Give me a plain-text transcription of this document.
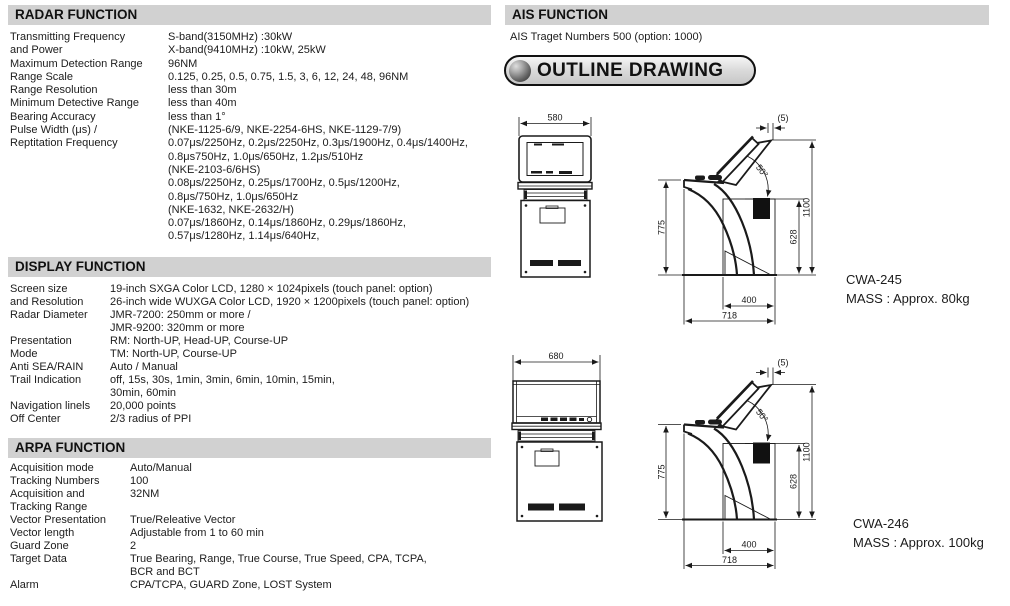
RADAR FUNCTION
Transmitting Frequency	S-band(3150MHz) :30kW
and Power	X-band(9410MHz) :10kW, 25kW
Maximum Detection Range	96NM
Range Scale	0.125, 0.25, 0.5, 0.75, 1.5, 3, 6, 12, 24, 48, 96NM
Range Resolution	less than 30m
Minimum Detective Range	less than 40m
Bearing Accuracy	less than 1°
Pulse Width (μs) /	(NKE-1125-6/9, NKE-2254-6HS, NKE-1129-7/9)
Reptitation Frequency	0.07μs/2250Hz, 0.2μs/2250Hz, 0.3μs/1900Hz, 0.4μs/1400Hz,
0.8μs750Hz, 1.0μs/650Hz, 1.2μs/510Hz
(NKE-2103-6/6HS)
0.08μs/2250Hz, 0.25μs/1700Hz, 0.5μs/1200Hz,
0.8μs/750Hz, 1.0μs/650Hz
(NKE-1632, NKE-2632/H)
0.07μs/1860Hz, 0.14μs/1860Hz, 0.29μs/1860Hz,
0.57μs/1280Hz, 1.14μs/640Hz,
DISPLAY FUNCTION
Screen size	19-inch SXGA Color LCD, 1280 × 1024pixels (touch panel: option)
and Resolution	26-inch wide WUXGA Color LCD, 1920 × 1200pixels (touch panel: option)
Radar Diameter	JMR-7200: 250mm or more /
JMR-9200: 320mm or more
Presentation	RM: North-UP, Head-UP, Course-UP
Mode	TM: North-UP, Course-UP
Anti SEA/RAIN	Auto / Manual
Trail Indication	off, 15s, 30s, 1min, 3min, 6min, 10min, 15min,
30min, 60min
Navigation linels	20,000 points
Off Center	2/3 radius of PPI
ARPA FUNCTION
Acquisition mode	Auto/Manual
Tracking Numbers	100
Acquisition and	32NM
Tracking Range
Vector Presentation	True/Releative Vector
Vector length	Adjustable from 1 to 60 min
Guard Zone	2
Target Data	True Bearing, Range, True Course, True Speed, CPA, TCPA,
BCR and BCT
Alarm	CPA/TCPA, GUARD Zone, LOST System
AIS FUNCTION
AIS Traget Numbers 500 (option: 1000)
OUTLINE DRAWING
580
775
(5)
1100
628
50°
400
718
CWA-245
MASS : Approx. 80kg
680
775
(5)
1100
628
50°
400
718
CWA-246
MASS : Approx. 100kg
